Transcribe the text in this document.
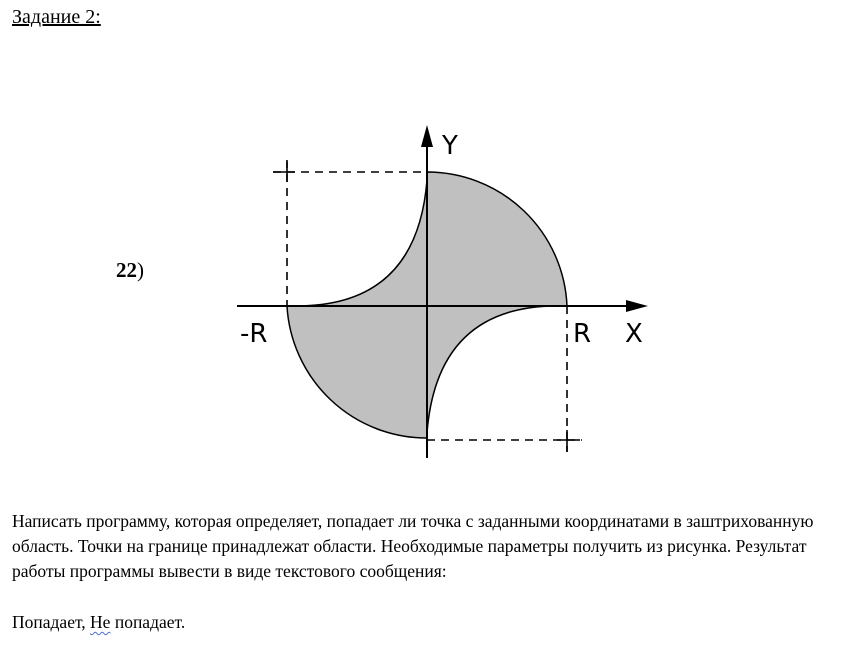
Задание 2:
22)
Y
X
R
-R
Написать программу, которая определяет, попадает ли точка с заданными координатами в заштрихованную область. Точки на границе принадлежат области. Необходимые параметры получить из рисунка. Результат работы программы вывести в виде текстового сообщения:
Попадает, Не попадает.
